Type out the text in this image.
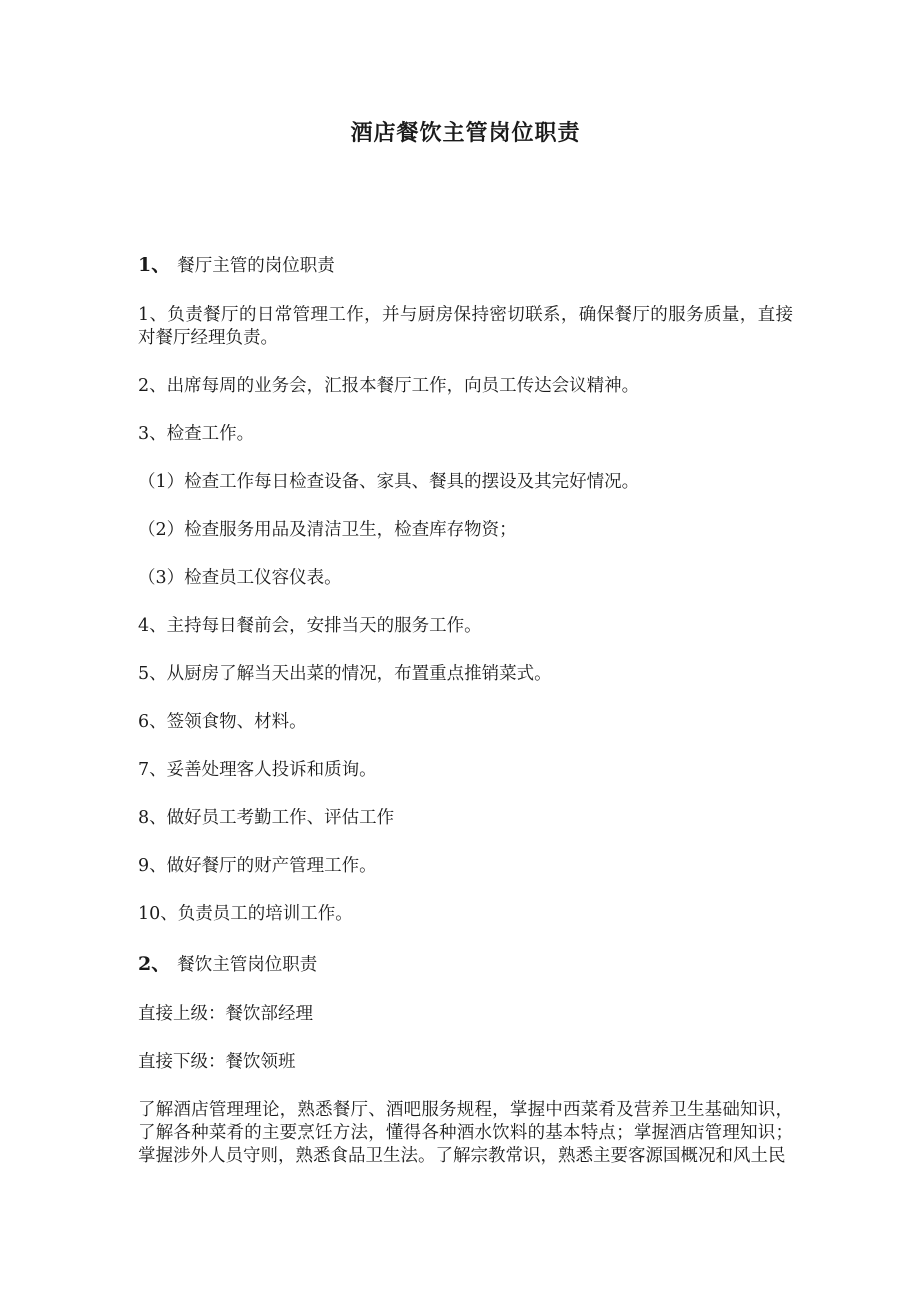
酒店餐饮主管岗位职责
1、 餐厅主管的岗位职责

1、负责餐厅的日常管理工作，并与厨房保持密切联系，确保餐厅的服务质量，直接对餐厅经理负责。

2、出席每周的业务会，汇报本餐厅工作，向员工传达会议精神。

3、检查工作。

（1）检查工作每日检查设备、家具、餐具的摆设及其完好情况。

（2）检查服务用品及清洁卫生，检查库存物资；

（3）检查员工仪容仪表。

4、主持每日餐前会，安排当天的服务工作。

5、从厨房了解当天出菜的情况，布置重点推销菜式。

6、签领食物、材料。

7、妥善处理客人投诉和质询。

8、做好员工考勤工作、评估工作

9、做好餐厅的财产管理工作。

10、负责员工的培训工作。

2、 餐饮主管岗位职责

直接上级：餐饮部经理

直接下级：餐饮领班

了解酒店管理理论，熟悉餐厅、酒吧服务规程，掌握中西菜肴及营养卫生基础知识，了解各种菜肴的主要烹饪方法，懂得各种酒水饮料的基本特点；掌握酒店管理知识；掌握涉外人员守则，熟悉食品卫生法。了解宗教常识，熟悉主要客源国概况和风土民
